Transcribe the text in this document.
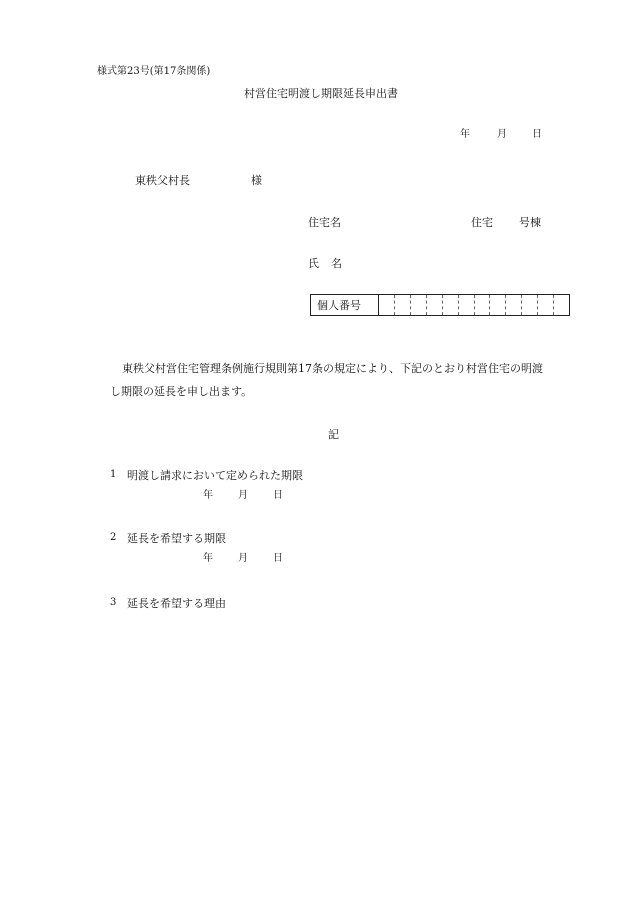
様式第23号(第17条関係)
村営住宅明渡し期限延長申出書
年	月	日
東秩父村長	様
住宅名	住宅 号棟
氏 名
個人番号
東秩父村営住宅管理条例施行規則第17条の規定により、下記のとおり村営住宅の明渡
し期限の延長を申し出ます。
記
1 明渡し請求において定められた期限
年	月	日
2 延長を希望する期限
年	月	日
3 延長を希望する理由
